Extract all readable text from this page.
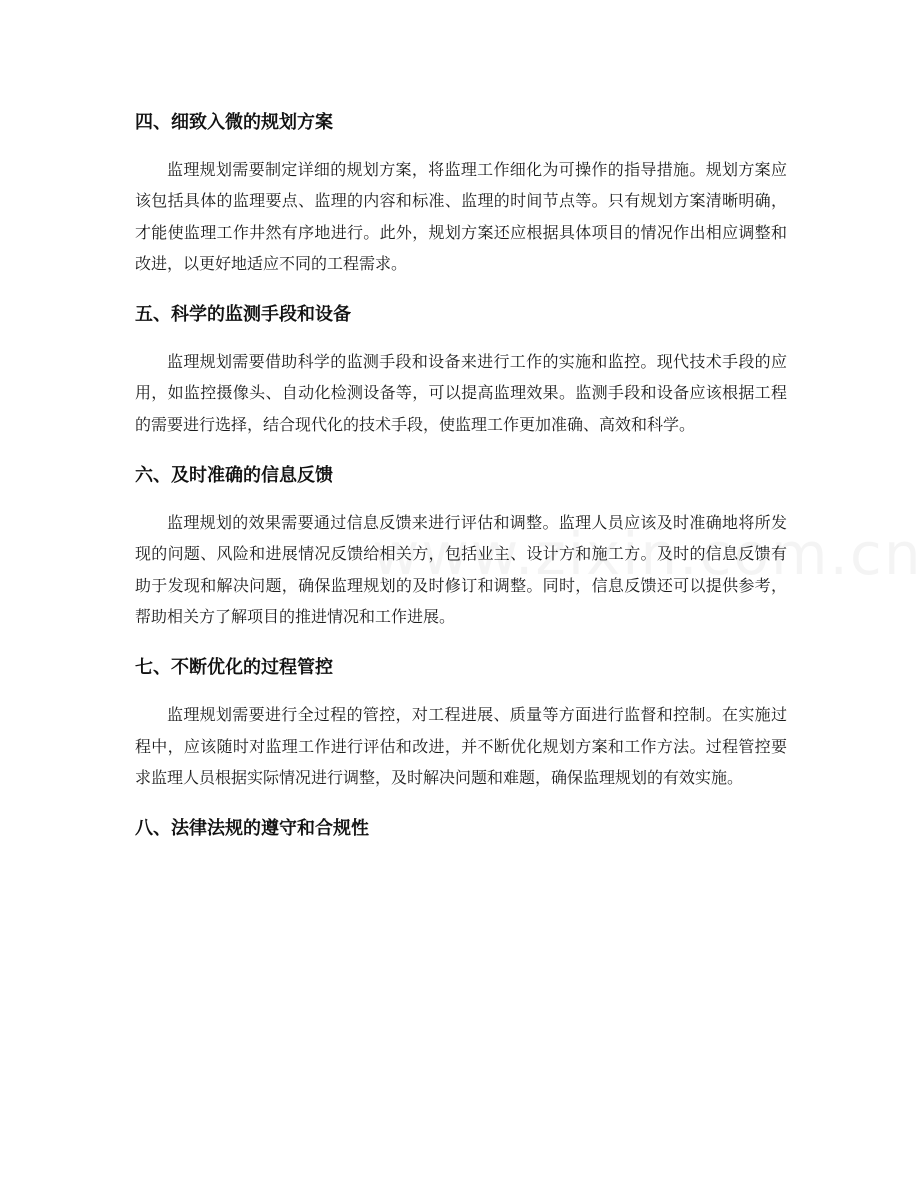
四、细致入微的规划方案

监理规划需要制定详细的规划方案，将监理工作细化为可操作的指导措施。规划方案应该包括具体的监理要点、监理的内容和标准、监理的时间节点等。只有规划方案清晰明确，才能使监理工作井然有序地进行。此外，规划方案还应根据具体项目的情况作出相应调整和改进，以更好地适应不同的工程需求。

五、科学的监测手段和设备

监理规划需要借助科学的监测手段和设备来进行工作的实施和监控。现代技术手段的应用，如监控摄像头、自动化检测设备等，可以提高监理效果。监测手段和设备应该根据工程的需要进行选择，结合现代化的技术手段，使监理工作更加准确、高效和科学。

六、及时准确的信息反馈

监理规划的效果需要通过信息反馈来进行评估和调整。监理人员应该及时准确地将所发现的问题、风险和进展情况反馈给相关方，包括业主、设计方和施工方。及时的信息反馈有助于发现和解决问题，确保监理规划的及时修订和调整。同时，信息反馈还可以提供参考，帮助相关方了解项目的推进情况和工作进展。

七、不断优化的过程管控

监理规划需要进行全过程的管控，对工程进展、质量等方面进行监督和控制。在实施过程中，应该随时对监理工作进行评估和改进，并不断优化规划方案和工作方法。过程管控要求监理人员根据实际情况进行调整，及时解决问题和难题，确保监理规划的有效实施。

八、法律法规的遵守和合规性
